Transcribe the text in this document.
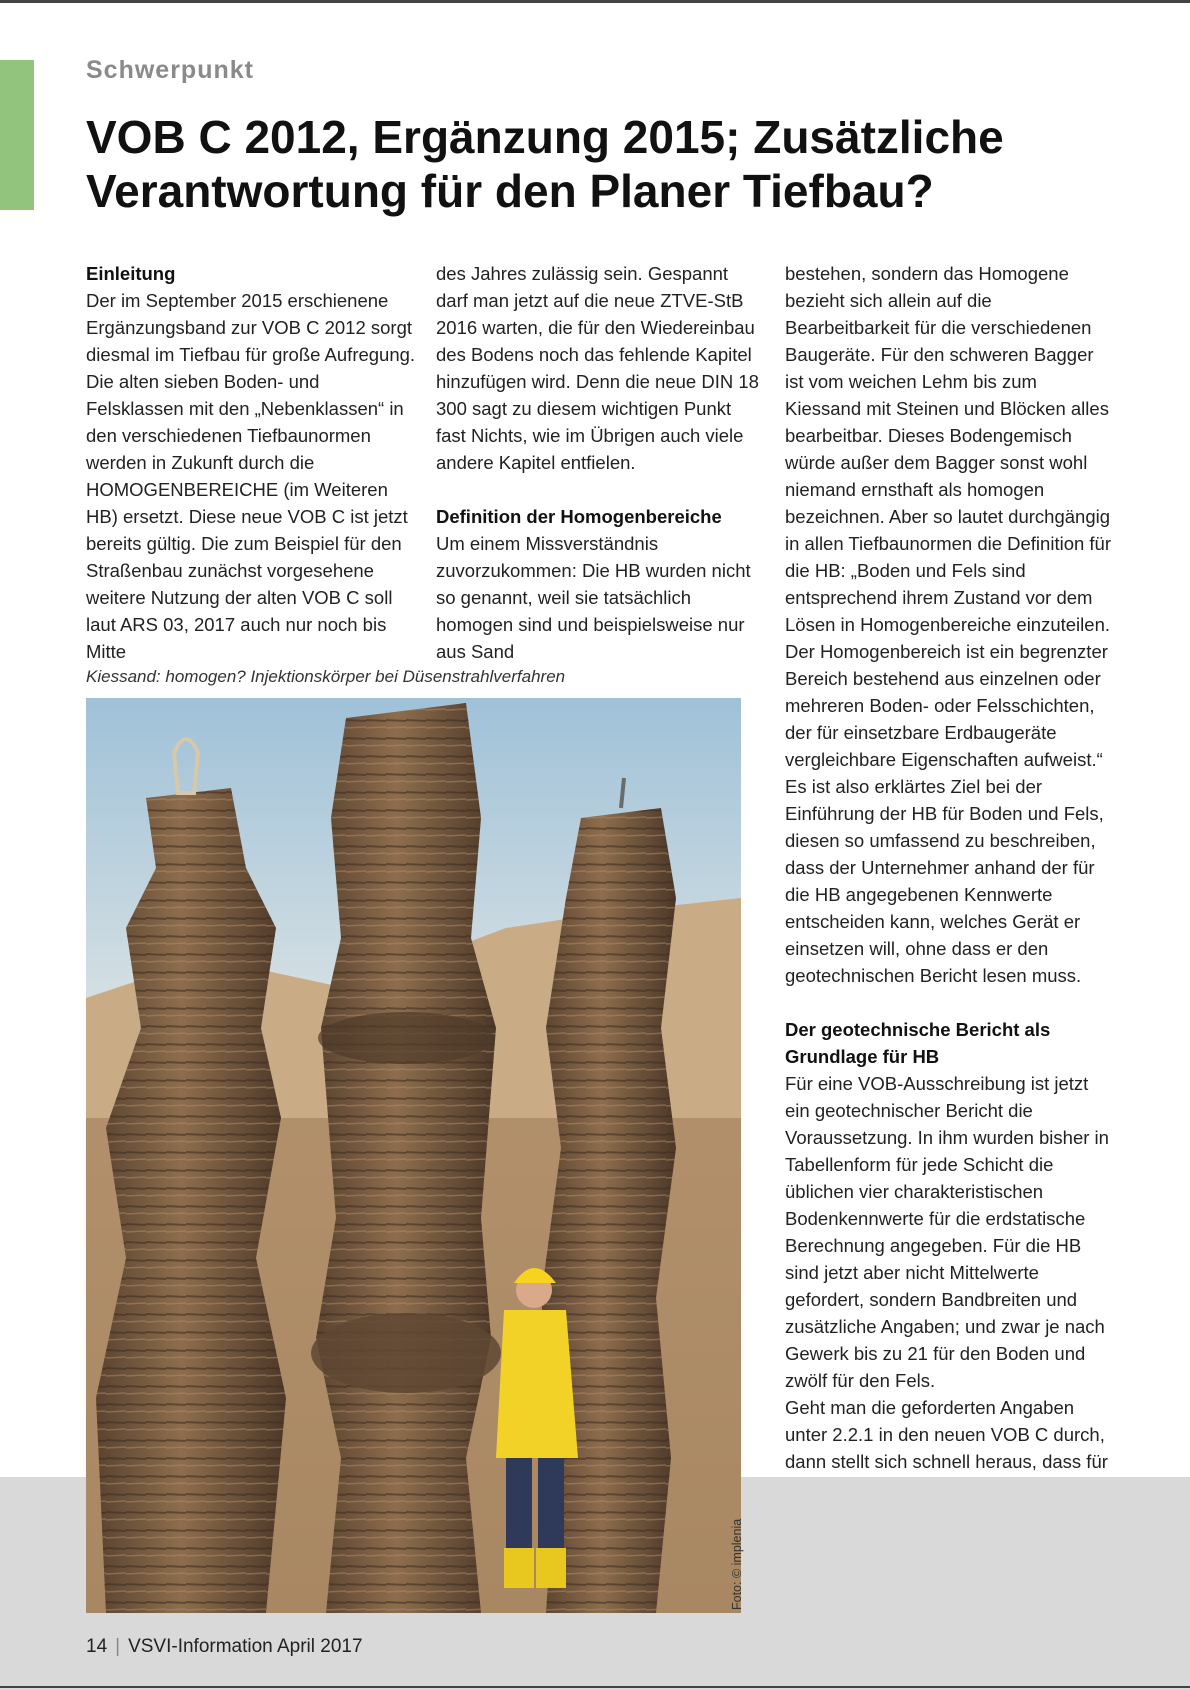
Schwerpunkt
VOB C 2012, Ergänzung 2015; Zusätzliche Verantwortung für den Planer Tiefbau?
Einleitung

Der im September 2015 erschienene Ergänzungsband zur VOB C 2012 sorgt diesmal im Tiefbau für große Aufregung. Die alten sieben Boden- und Felsklassen mit den „Nebenklassen“ in den verschiedenen Tiefbaunormen werden in Zukunft durch die HOMOGENBEREICHE (im Weiteren HB) ersetzt. Diese neue VOB C ist jetzt bereits gültig. Die zum Beispiel für den Straßenbau zunächst vorgesehene weitere Nutzung der alten VOB C soll laut ARS 03, 2017 auch nur noch bis Mitte

des Jahres zulässig sein. Gespannt darf man jetzt auf die neue ZTVE-StB 2016 warten, die für den Wiedereinbau des Bodens noch das fehlende Kapitel hinzufügen wird. Denn die neue DIN 18 300 sagt zu diesem wichtigen Punkt fast Nichts, wie im Übrigen auch viele andere Kapitel entfielen.

Definition der Homogenbereiche

Um einem Missverständnis zuvorzukommen: Die HB wurden nicht so genannt, weil sie tatsächlich homogen sind und beispielsweise nur aus Sand

bestehen, sondern das Homogene bezieht sich allein auf die Bearbeitbarkeit für die verschiedenen Baugeräte. Für den schweren Bagger ist vom weichen Lehm bis zum Kiessand mit Steinen und Blöcken alles bearbeitbar. Dieses Bodengemisch würde außer dem Bagger sonst wohl niemand ernsthaft als homogen bezeichnen. Aber so lautet durchgängig in allen Tiefbaunormen die Definition für die HB: „Boden und Fels sind entsprechend ihrem Zustand vor dem Lösen in Homogenbereiche einzuteilen. Der Homogenbereich ist ein begrenzter Bereich bestehend aus einzelnen oder mehreren Boden- oder Felsschichten, der für einsetzbare Erdbaugeräte vergleichbare Eigenschaften aufweist.“

Es ist also erklärtes Ziel bei der Einführung der HB für Boden und Fels, diesen so umfassend zu beschreiben, dass der Unternehmer anhand der für die HB angegebenen Kennwerte entscheiden kann, welches Gerät er einsetzen will, ohne dass er den geotechnischen Bericht lesen muss.

Der geotechnische Bericht als Grundlage für HB

Für eine VOB-Ausschreibung ist jetzt ein geotechnischer Bericht die Voraussetzung. In ihm wurden bisher in Tabellenform für jede Schicht die üblichen vier charakteristischen Bodenkennwerte für die erdstatische Berechnung angegeben. Für die HB sind jetzt aber nicht Mittelwerte gefordert, sondern Bandbreiten und zusätzliche Angaben; und zwar je nach Gewerk bis zu 21 für den Boden und zwölf für den Fels.

Geht man die geforderten Angaben unter 2.2.1 in den neuen VOB C durch, dann stellt sich schnell heraus, dass für

Kiessand: homogen? Injektionskörper bei Düsenstrahlverfahren
Foto: © implenia
14 | VSVI-Information April 2017
